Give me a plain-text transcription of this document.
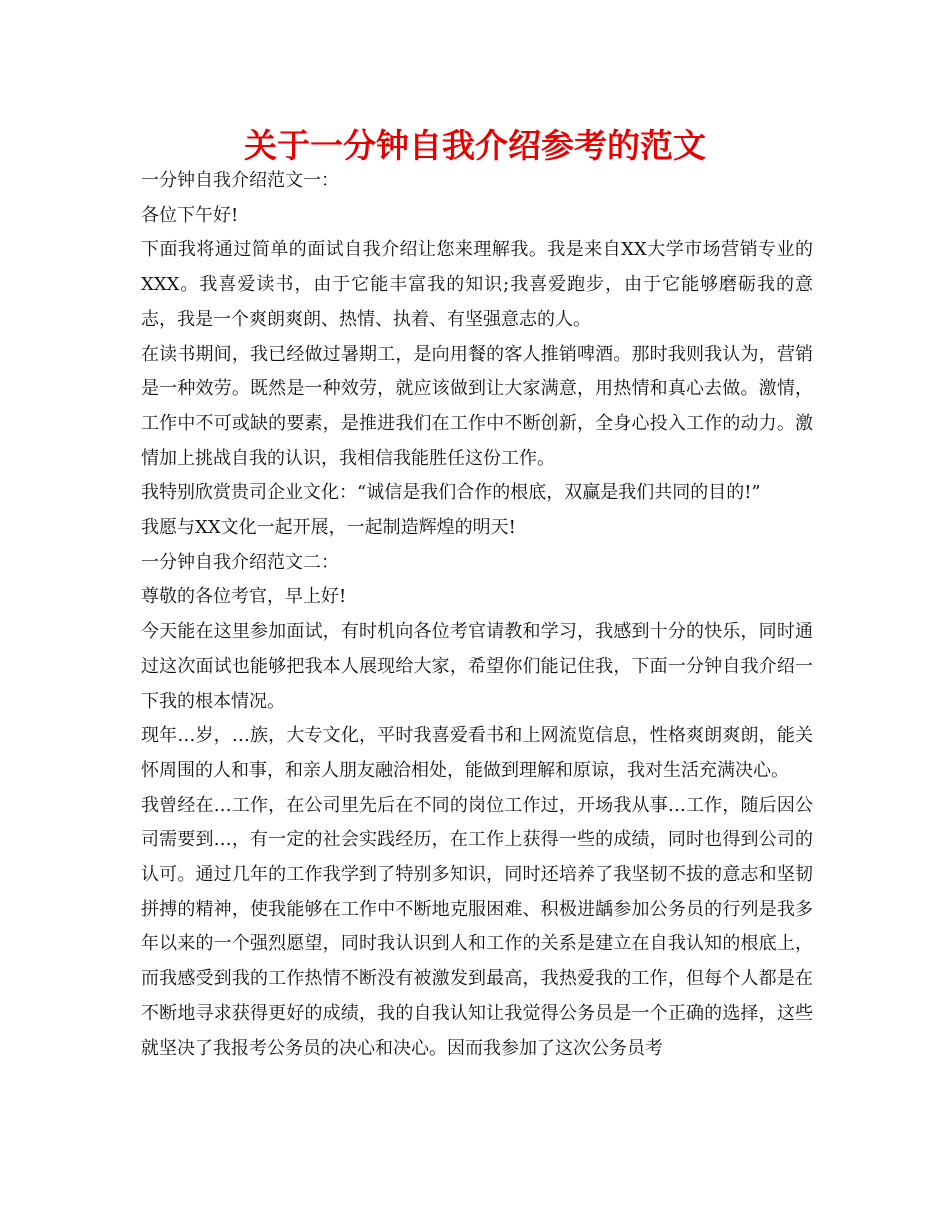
关于一分钟自我介绍参考的范文

一分钟自我介绍范文一：

各位下午好!

下面我将通过简单的面试自我介绍让您来理解我。我是来自XX大学市场营销专业的XXX。我喜爱读书，由于它能丰富我的知识;我喜爱跑步，由于它能够磨砺我的意志，我是一个爽朗爽朗、热情、执着、有坚强意志的人。

在读书期间，我已经做过暑期工，是向用餐的客人推销啤酒。那时我则我认为，营销是一种效劳。既然是一种效劳，就应该做到让大家满意，用热情和真心去做。激情，工作中不可或缺的要素，是推进我们在工作中不断创新，全身心投入工作的动力。激情加上挑战自我的认识，我相信我能胜任这份工作。

我特别欣赏贵司企业文化：“诚信是我们合作的根底，双赢是我们共同的目的!”

我愿与XX文化一起开展，一起制造辉煌的明天!

一分钟自我介绍范文二：

尊敬的各位考官，早上好!

今天能在这里参加面试，有时机向各位考官请教和学习，我感到十分的快乐，同时通过这次面试也能够把我本人展现给大家，希望你们能记住我，下面一分钟自我介绍一下我的根本情况。

现年…岁，…族，大专文化，平时我喜爱看书和上网流览信息，性格爽朗爽朗，能关怀周围的人和事，和亲人朋友融洽相处，能做到理解和原谅，我对生活充满决心。

我曾经在…工作，在公司里先后在不同的岗位工作过，开场我从事…工作，随后因公司需要到…，有一定的社会实践经历，在工作上获得一些的成绩，同时也得到公司的认可。通过几年的工作我学到了特别多知识，同时还培养了我坚韧不拔的意志和坚韧拼搏的精神，使我能够在工作中不断地克服困难、积极进龋参加公务员的行列是我多年以来的一个强烈愿望，同时我认识到人和工作的关系是建立在自我认知的根底上，而我感受到我的工作热情不断没有被激发到最高，我热爱我的工作，但每个人都是在不断地寻求获得更好的成绩，我的自我认知让我觉得公务员是一个正确的选择，这些就坚决了我报考公务员的决心和决心。因而我参加了这次公务员考
